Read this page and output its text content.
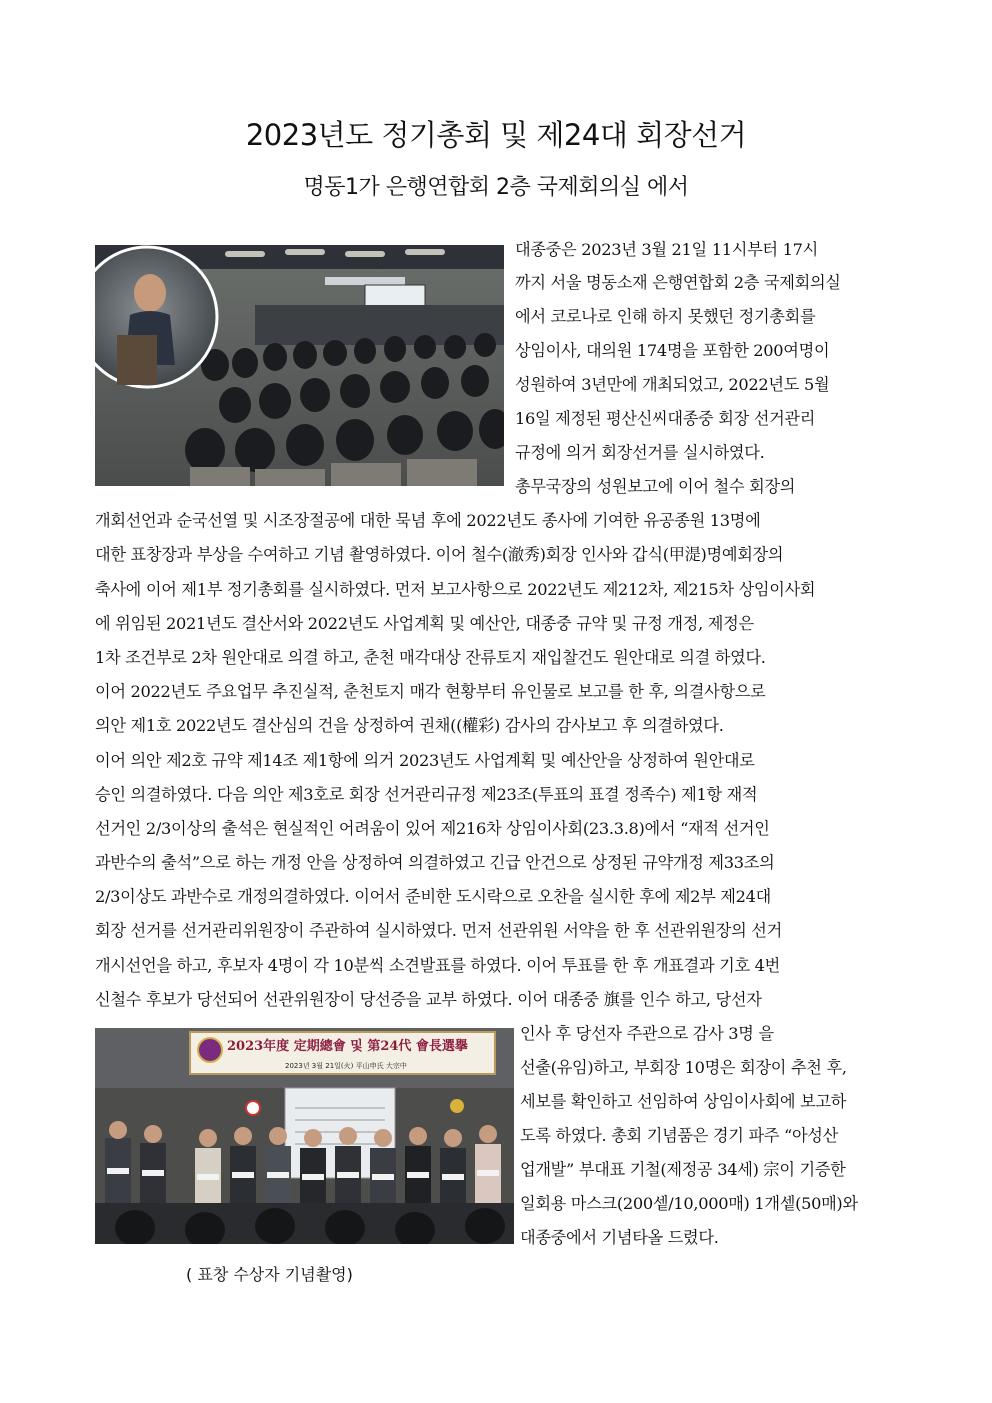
2023년도 정기총회 및 제24대 회장선거
명동1가 은행연합회 2층 국제회의실 에서
대종중은 2023년 3월 21일 11시부터 17시
까지 서울 명동소재 은행연합회 2층 국제회의실
에서 코로나로 인해 하지 못했던 정기총회를
상임이사, 대의원 174명을 포함한 200여명이
성원하여 3년만에 개최되었고, 2022년도 5월
16일 제정된 평산신씨대종중 회장 선거관리
규정에 의거 회장선거를 실시하였다.
총무국장의 성원보고에 이어 철수 회장의
개회선언과 순국선열 및 시조장절공에 대한 묵념 후에 2022년도 종사에 기여한 유공종원 13명에
대한 표창장과 부상을 수여하고 기념 촬영하였다. 이어 철수(澈秀)회장 인사와 갑식(甲湜)명예회장의
축사에 이어 제1부 정기총회를 실시하였다. 먼저 보고사항으로 2022년도 제212차, 제215차 상임이사회
에 위임된 2021년도 결산서와 2022년도 사업계획 및 예산안, 대종중 규약 및 규정 개정, 제정은
1차 조건부로 2차 원안대로 의결 하고, 춘천 매각대상 잔류토지 재입찰건도 원안대로 의결 하였다.
이어 2022년도 주요업무 추진실적, 춘천토지 매각 현황부터 유인물로 보고를 한 후, 의결사항으로
의안 제1호 2022년도 결산심의 건을 상정하여 권채((權彩) 감사의 감사보고 후 의결하였다.
이어 의안 제2호 규약 제14조 제1항에 의거 2023년도 사업계획 및 예산안을 상정하여 원안대로
승인 의결하였다. 다음 의안 제3호로 회장 선거관리규정 제23조(투표의 표결 정족수) 제1항 재적
선거인 2/3이상의 출석은 현실적인 어려움이 있어 제216차 상임이사회(23.3.8)에서 “재적 선거인
과반수의 출석”으로 하는 개정 안을 상정하여 의결하였고 긴급 안건으로 상정된 규약개정 제33조의
2/3이상도 과반수로 개정의결하였다. 이어서 준비한 도시락으로 오찬을 실시한 후에 제2부 제24대
회장 선거를 선거관리위원장이 주관하여 실시하였다. 먼저 선관위원 서약을 한 후 선관위원장의 선거
개시선언을 하고, 후보자 4명이 각 10분씩 소견발표를 하였다. 이어 투표를 한 후 개표결과 기호 4번
신철수 후보가 당선되어 선관위원장이 당선증을 교부 하였다. 이어 대종중 旗를 인수 하고, 당선자
2023年度 定期總會 및 第24代 會長選擧
2023년 3월 21일(火) 平山申氏 大宗中
인사 후 당선자 주관으로 감사 3명 을
선출(유임)하고, 부회장 10명은 회장이 추천 후,
세보를 확인하고 선임하여 상임이사회에 보고하
도록 하였다. 총회 기념품은 경기 파주 “아성산
업개발” 부대표 기철(제정공 34세) 宗이 기증한
일회용 마스크(200셑/10,000매) 1개셑(50매)와
대종중에서 기념타올 드렸다.
( 표창 수상자 기념촬영)
